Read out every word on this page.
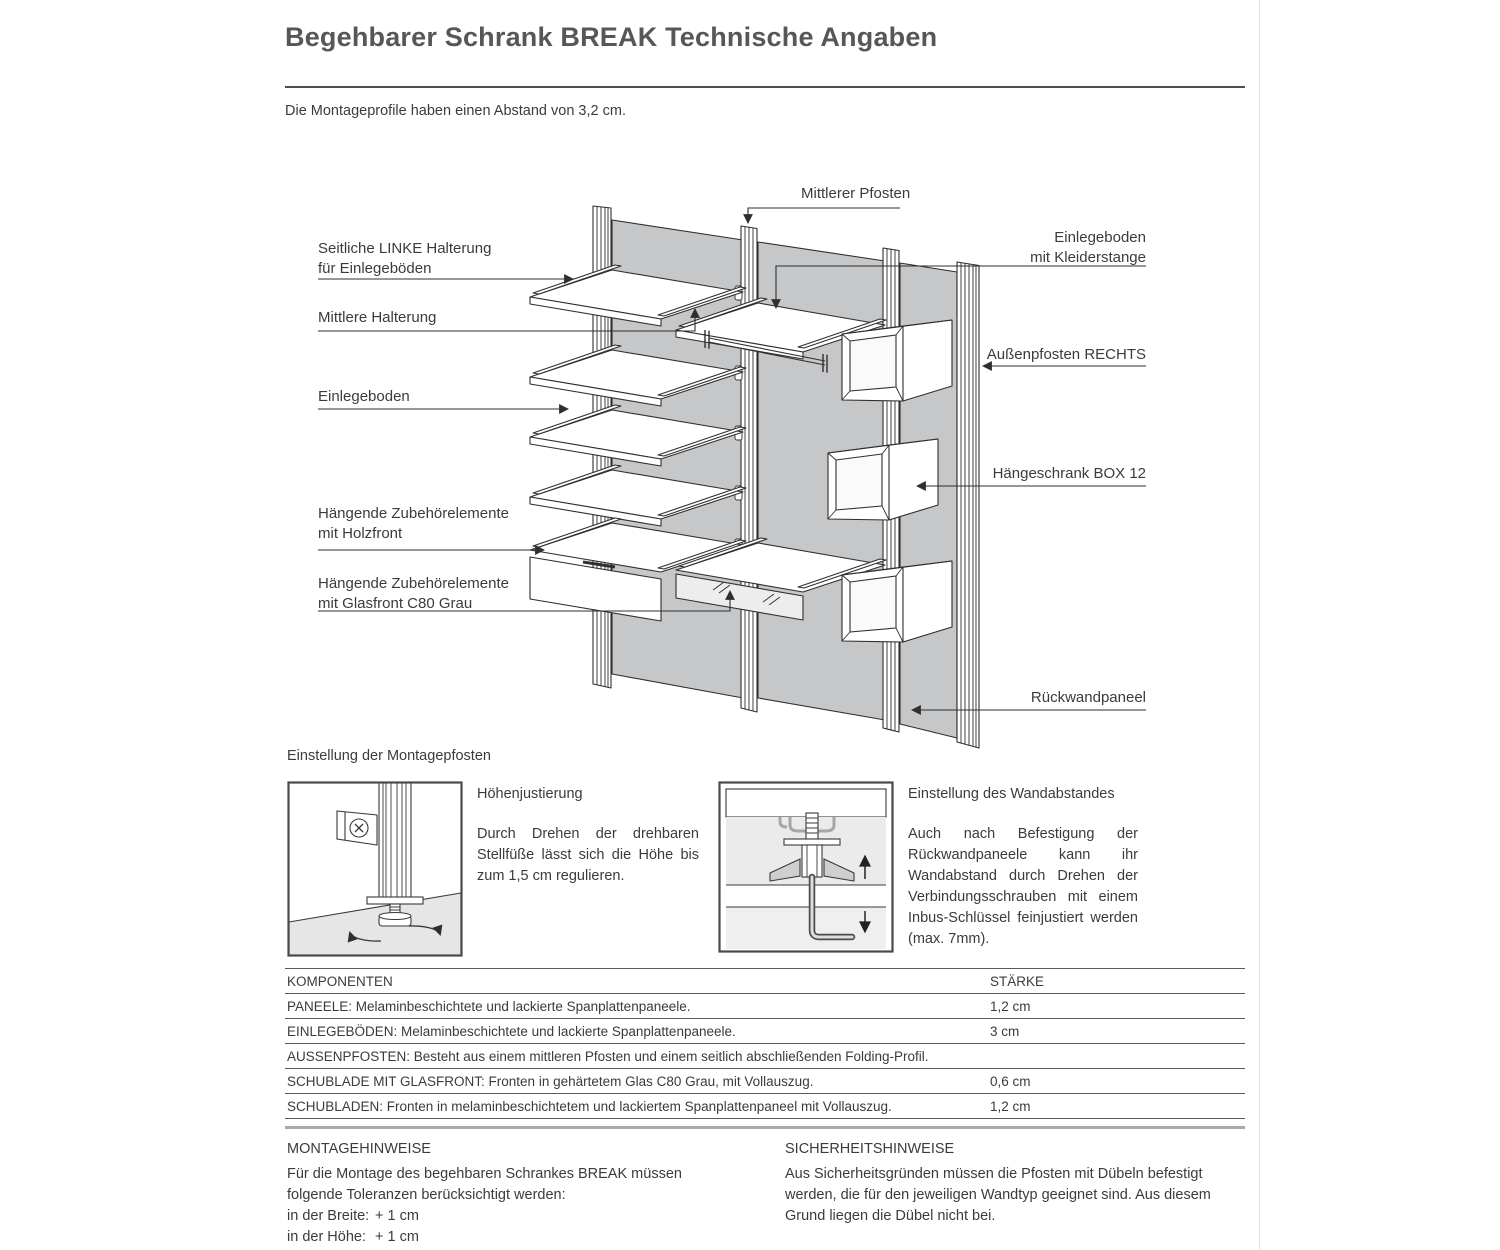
Begehbarer Schrank BREAK Technische Angaben
Die Montageprofile haben einen Abstand von 3,2 cm.
Seitliche LINKE Halterung
für Einlegeböden
Mittlere Halterung
Einlegeboden
Hängende Zubehörelemente
mit Holzfront
Hängende Zubehörelemente
mit Glasfront C80 Grau
Mittlerer Pfosten
Einlegeboden
mit Kleiderstange
Außenpfosten RECHTS
Hängeschrank BOX 12
Rückwandpaneel
Einstellung der Montagepfosten
Höhenjustierung

Durch Drehen der drehbaren Stellfüße lässt sich die Höhe bis zum 1,5 cm regulieren.

Einstellung des Wandabstandes

Auch nach Befestigung der Rückwandpaneele kann ihr Wandabstand durch Drehen der Verbindungsschrauben mit einem Inbus-Schlüssel feinjustiert werden (max. 7mm).

KOMPONENTEN	STÄRKE
PANEELE: Melaminbeschichtete und lackierte Spanplattenpaneele.	1,2 cm
EINLEGEBÖDEN: Melaminbeschichtete und lackierte Spanplattenpaneele.	3 cm
AUSSENPFOSTEN: Besteht aus einem mittleren Pfosten und einem seitlich abschließenden Folding-Profil.
SCHUBLADE MIT GLASFRONT: Fronten in gehärtetem Glas C80 Grau, mit Vollauszug.	0,6 cm
SCHUBLADEN: Fronten in melaminbeschichtetem und lackiertem Spanplattenpaneel mit Vollauszug.	1,2 cm
MONTAGEHINWEISE
Für die Montage des begehbaren Schrankes BREAK müssen folgende Toleranzen berücksichtigt werden:
in der Breite: + 1 cm
in der Höhe: + 1 cm
SICHERHEITSHINWEISE
Aus Sicherheitsgründen müssen die Pfosten mit Dübeln befestigt werden, die für den jeweiligen Wandtyp geeignet sind. Aus diesem Grund liegen die Dübel nicht bei.
